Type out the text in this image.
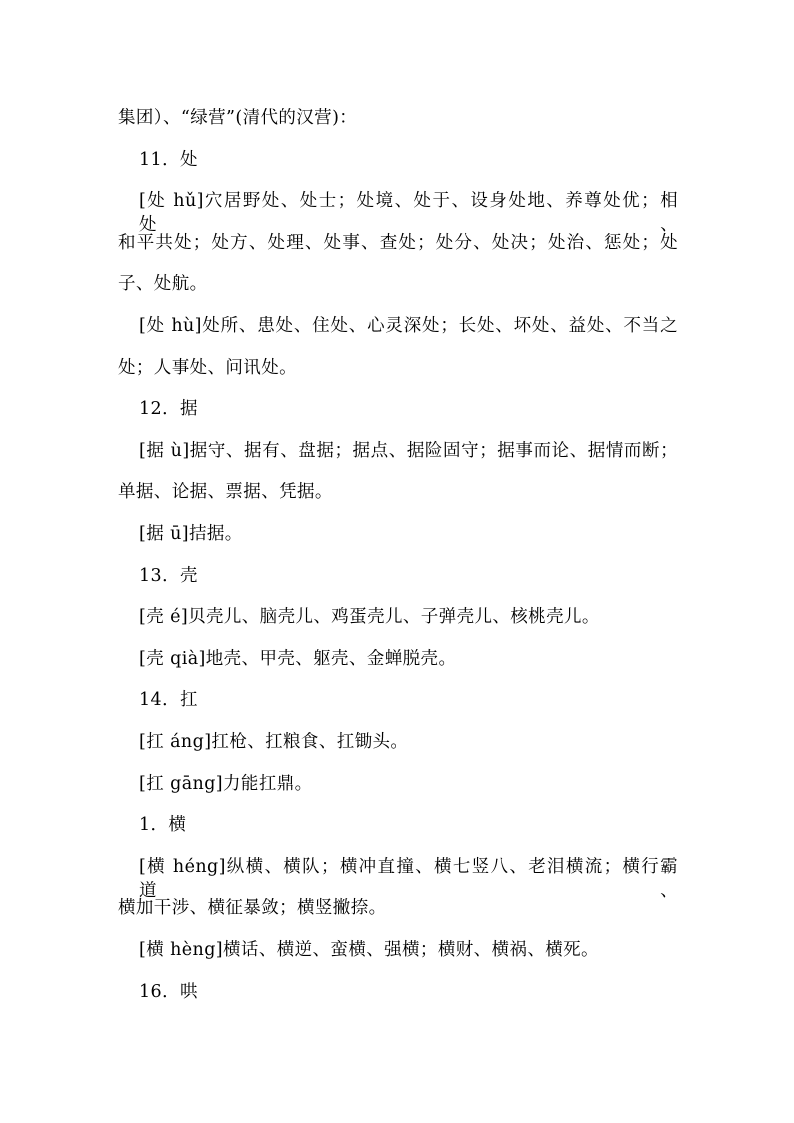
集团）、“绿营”(清代的汉营)：
11．处
[处 hǔ]穴居野处、处士；处境、处于、设身处地、养尊处优；相处、
和平共处；处方、处理、处事、查处；处分、处决；处治、惩处；处
子、处航。
[处 hù]处所、患处、住处、心灵深处；长处、坏处、益处、不当之
处；人事处、问讯处。
12．据
[据 ù]据守、据有、盘据；据点、据险固守；据事而论、据情而断；
单据、论据、票据、凭据。
[据 ū]拮据。
13．壳
[壳 é]贝壳儿、脑壳儿、鸡蛋壳儿、子弹壳儿、核桃壳儿。
[壳 qià]地壳、甲壳、躯壳、金蝉脱壳。
14．扛
[扛 áng]扛枪、扛粮食、扛锄头。
[扛 gāng]力能扛鼎。
1．横
[横 héng]纵横、横队；横冲直撞、横七竖八、老泪横流；横行霸道、
横加干涉、横征暴敛；横竖撇捺。
[横 hèng]横话、横逆、蛮横、强横；横财、横祸、横死。
16．哄
